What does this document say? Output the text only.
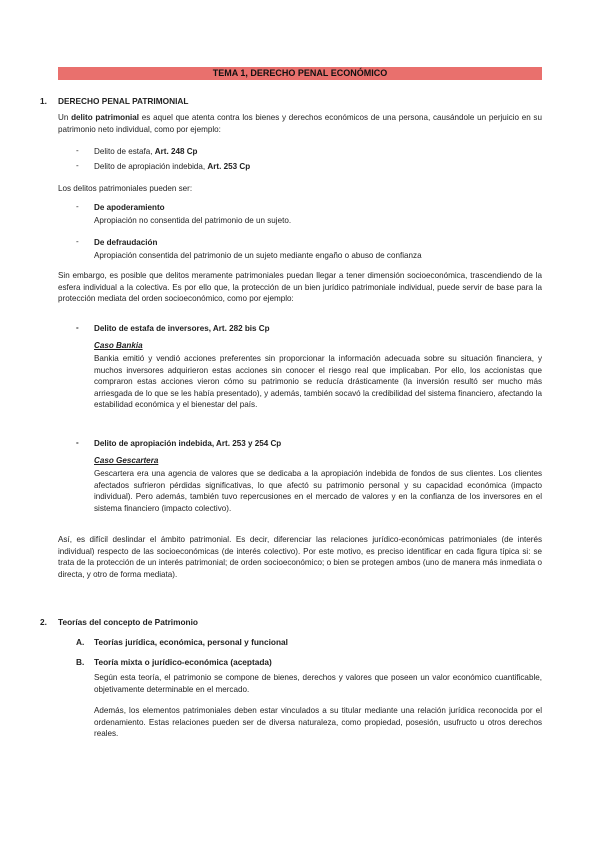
TEMA 1, DERECHO PENAL ECONÓMICO
1. DERECHO PENAL PATRIMONIAL
Un delito patrimonial es aquel que atenta contra los bienes y derechos económicos de una persona, causándole un perjuicio en su patrimonio neto individual, como por ejemplo:
- Delito de estafa, Art. 248 Cp
- Delito de apropiación indebida, Art. 253 Cp
Los delitos patrimoniales pueden ser:
- De apoderamiento
Apropiación no consentida del patrimonio de un sujeto.
- De defraudación
Apropiación consentida del patrimonio de un sujeto mediante engaño o abuso de confianza
Sin embargo, es posible que delitos meramente patrimoniales puedan llegar a tener dimensión socioeconómica, trascendiendo de la esfera individual a la colectiva. Es por ello que, la protección de un bien jurídico patrimoniale individual, puede servir de base para la protección mediata del orden socioeconómico, como por ejemplo:
- Delito de estafa de inversores, Art. 282 bis Cp
Caso Bankia
Bankia emitió y vendió acciones preferentes sin proporcionar la información adecuada sobre su situación financiera, y muchos inversores adquirieron estas acciones sin conocer el riesgo real que implicaban. Por ello, los accionistas que compraron estas acciones vieron cómo su patrimonio se reducía drásticamente (la inversión resultó ser mucho más arriesgada de lo que se les había presentado), y además, también socavó la credibilidad del sistema financiero, afectando la estabilidad económica y el bienestar del país.
- Delito de apropiación indebida, Art. 253 y 254 Cp
Caso Gescartera
Gescartera era una agencia de valores que se dedicaba a la apropiación indebida de fondos de sus clientes. Los clientes afectados sufrieron pérdidas significativas, lo que afectó su patrimonio personal y su capacidad económica (impacto individual). Pero además, también tuvo repercusiones en el mercado de valores y en la confianza de los inversores en el sistema financiero (impacto colectivo).
Así, es difícil deslindar el ámbito patrimonial. Es decir, diferenciar las relaciones jurídico-económicas patrimoniales (de interés individual) respecto de las socioeconómicas (de interés colectivo). Por este motivo, es preciso identificar en cada figura típica si: se trata de la protección de un interés patrimonial; de orden socioeconómico; o bien se protegen ambos (uno de manera más inmediata o directa, y otro de forma mediata).
2. Teorías del concepto de Patrimonio
A. Teorías jurídica, económica, personal y funcional
B. Teoría mixta o jurídico-económica (aceptada)
Según esta teoría, el patrimonio se compone de bienes, derechos y valores que poseen un valor económico cuantificable, objetivamente determinable en el mercado.
Además, los elementos patrimoniales deben estar vinculados a su titular mediante una relación jurídica reconocida por el ordenamiento. Estas relaciones pueden ser de diversa naturaleza, como propiedad, posesión, usufructo u otros derechos reales.
